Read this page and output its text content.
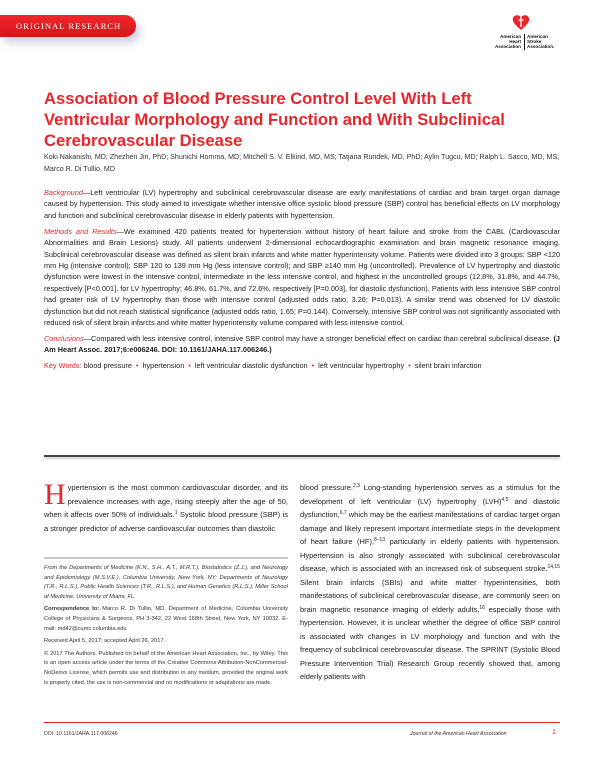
ORIGINAL RESEARCH
American
Heart
Association
American
Stroke
Association.
Association of Blood Pressure Control Level With Left Ventricular Morphology and Function and With Subclinical Cerebrovascular Disease
Koki Nakanishi, MD; Zhezhen Jin, PhD; Shunichi Homma, MD; Mitchell S. V. Elkind, MD, MS; Tatjana Rundek, MD, PhD; Aylin Tugcu, MD; Ralph L. Sacco, MD, MS; Marco R. Di Tullio, MD

Background—Left ventricular (LV) hypertrophy and subclinical cerebrovascular disease are early manifestations of cardiac and brain target organ damage caused by hypertension. This study aimed to investigate whether intensive office systolic blood pressure (SBP) control has beneficial effects on LV morphology and function and subclinical cerebrovascular disease in elderly patients with hypertension.

Methods and Results—We examined 420 patients treated for hypertension without history of heart failure and stroke from the CABL (Cardiovascular Abnormalities and Brain Lesions) study. All patients underwent 2-dimensional echocardiographic examination and brain magnetic resonance imaging. Subclinical cerebrovascular disease was defined as silent brain infarcts and white matter hyperintensity volume. Patients were divided into 3 groups: SBP <120 mm Hg (intensive control); SBP 120 to 139 mm Hg (less intensive control); and SBP ≥140 mm Hg (uncontrolled). Prevalence of LV hypertrophy and diastolic dysfunction were lowest in the intensive control, intermediate in the less intensive control, and highest in the uncontrolled groups (12.8%, 31.8%, and 44.7%, respectively [P<0.001], for LV hypertrophy; 46.8%, 61.7%, and 72.6%, respectively [P=0.003], for diastolic dysfunction). Patients with less intensive SBP control had greater risk of LV hypertrophy than those with intensive control (adjusted odds ratio, 3.26; P=0.013). A similar trend was observed for LV diastolic dysfunction but did not reach statistical significance (adjusted odds ratio, 1.65; P=0.144). Conversely, intensive SBP control was not significantly associated with reduced risk of silent brain infarcts and white matter hyperintensity volume compared with less intensive control.

Conclusions—Compared with less intensive control, intensive SBP control may have a stronger beneficial effect on cardiac than cerebral subclinical disease. (J Am Heart Assoc. 2017;6:e006246. DOI: 10.1161/JAHA.117.006246.)

Key Words: blood pressure • hypertension • left ventricular diastolic dysfunction • left ventricular hypertrophy • silent brain infarction

Hypertension is the most common cardiovascular disorder, and its prevalence increases with age, rising steeply after the age of 50, when it affects over 50% of individuals.$^1$ Systolic blood pressure (SBP) is a stronger predictor of adverse cardiovascular outcomes than diastolic
blood pressure.$^{2,3}$ Long-standing hypertension serves as a stimulus for the development of left ventricular (LV) hypertrophy (LVH)$^{4,5}$ and diastolic dysfunction,$^{6,7}$ which may be the earliest manifestations of cardiac target organ damage and likely represent important intermediate steps in the development of heart failure (HF),$^{8-13}$ particularly in elderly patients with hypertension. Hypertension is also strongly associated with subclinical cerebrovascular disease, which is associated with an increased risk of subsequent stroke.$^{14,15}$ Silent brain infarcts (SBIs) and white matter hyperintensities, both manifestations of subclinical cerebrovascular disease, are commonly seen on brain magnetic resonance imaging of elderly adults,$^{16}$ especially those with hypertension. However, it is unclear whether the degree of office SBP control is associated with changes in LV morphology and function and with the frequency of subclinical cerebrovascular disease. The SPRINT (Systolic Blood Pressure Intervention Trial) Research Group recently showed that, among elderly patients with

From the Departments of Medicine (K.N., S.H., A.T., M.R.T.), Biostatistics (Z.J.), and Neurology and Epidemiology (M.S.V.E.), Columbia University, New York, NY; Departments of Neurology (T.R., R.L.S.), Public Health Sciences (T.R., R.L.S.), and Human Genetics (R.L.S.), Miller School of Medicine, University of Miami, FL.

Correspondence to: Marco R. Di Tullio, MD, Department of Medicine, Columbia University College of Physicians & Surgeons, PH 3-342, 22 West 168th Street, New York, NY 10032. E-mail: md42@cumc.columbia.edu

Received April 5, 2017; accepted April 26, 2017.

© 2017 The Authors. Published on behalf of the American Heart Association, Inc., by Wiley. This is an open access article under the terms of the Creative Commons Attribution-NonCommercial-NoDerivs License, which permits use and distribution in any medium, provided the original work is properly cited, the use is non-commercial and no modifications or adaptations are made.

DOI: 10.1161/JAHA.117.006246	Journal of the American Heart Association	1
